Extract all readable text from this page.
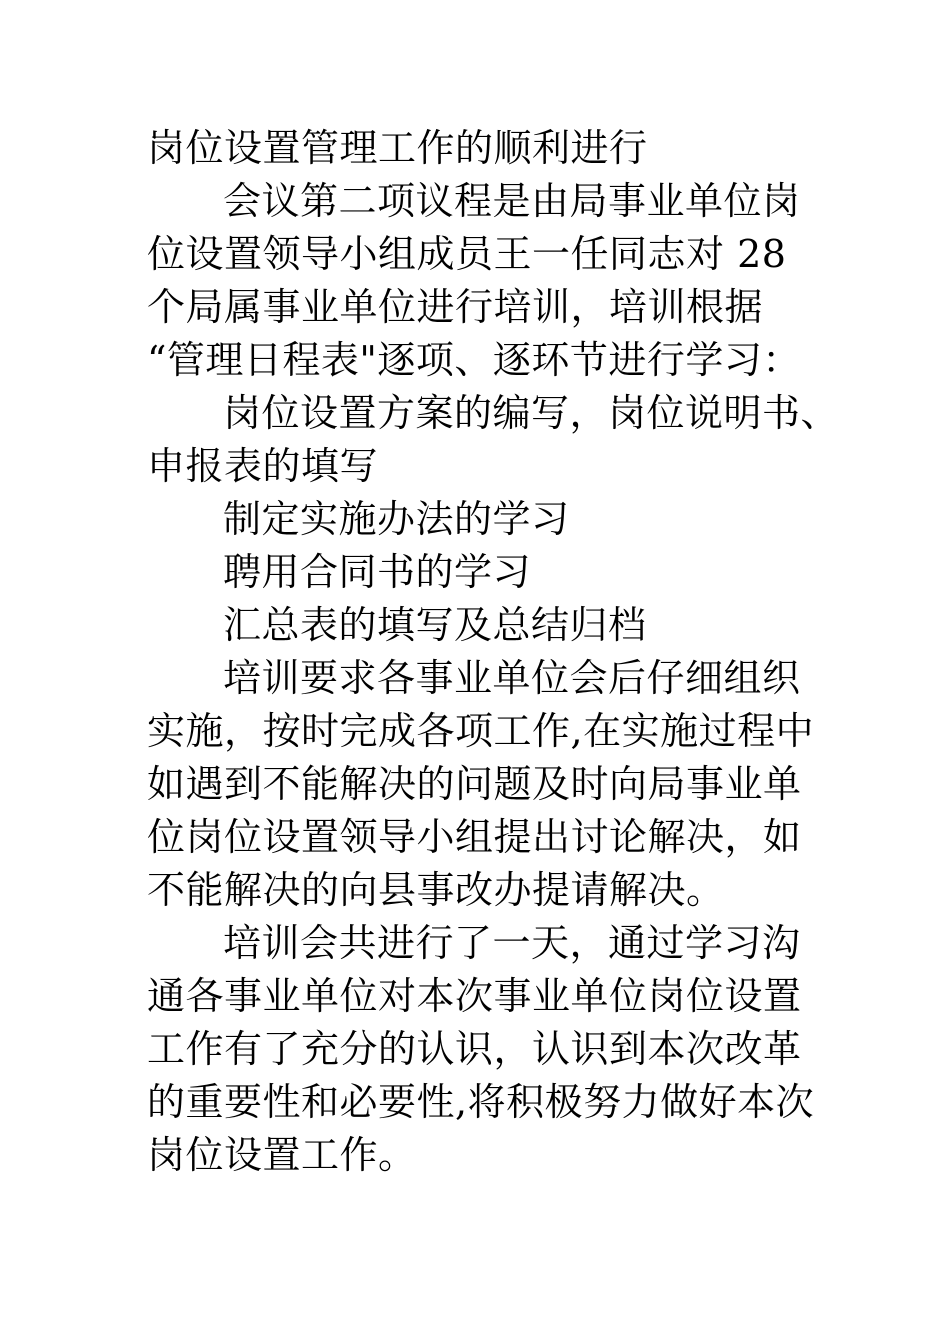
岗位设置管理工作的顺利进行
会议第二项议程是由局事业单位岗
位设置领导小组成员王一任同志对 28
个局属事业单位进行培训，培训根据
“管理日程表"逐项、逐环节进行学习：
岗位设置方案的编写，岗位说明书、
申报表的填写
制定实施办法的学习
聘用合同书的学习
汇总表的填写及总结归档
培训要求各事业单位会后仔细组织
实施，按时完成各项工作,在实施过程中
如遇到不能解决的问题及时向局事业单
位岗位设置领导小组提出讨论解决，如
不能解决的向县事改办提请解决。
培训会共进行了一天，通过学习沟
通各事业单位对本次事业单位岗位设置
工作有了充分的认识，认识到本次改革
的重要性和必要性,将积极努力做好本次
岗位设置工作。
